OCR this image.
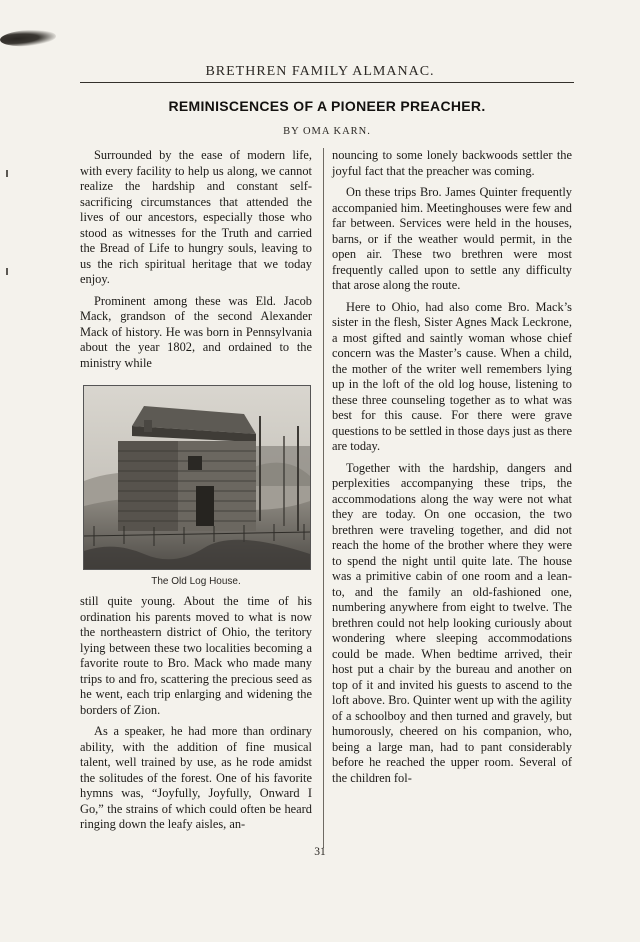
BRETHREN FAMILY ALMANAC.
REMINISCENCES OF A PIONEER PREACHER.
BY OMA KARN.

Surrounded by the ease of modern life, with every facility to help us along, we cannot realize the hardship and constant self-sacrificing circumstances that attended the lives of our ancestors, especially those who stood as witnesses for the Truth and carried the Bread of Life to hungry souls, leaving to us the rich spiritual heritage that we today enjoy.

Prominent among these was Eld. Jacob Mack, grandson of the second Alexander Mack of history. He was born in Pennsylvania about the year 1802, and ordained to the ministry while

The Old Log House.

still quite young. About the time of his ordination his parents moved to what is now the northeastern district of Ohio, the teritory lying between these two localities becoming a favorite route to Bro. Mack who made many trips to and fro, scattering the precious seed as he went, each trip enlarging and widening the borders of Zion.

As a speaker, he had more than ordinary ability, with the addition of fine musical talent, well trained by use, as he rode amidst the solitudes of the forest. One of his favorite hymns was, “Joyfully, Joyfully, Onward I Go,” the strains of which could often be heard ringing down the leafy aisles, an-

nouncing to some lonely backwoods settler the joyful fact that the preacher was coming.

On these trips Bro. James Quinter frequently accompanied him. Meetinghouses were few and far between. Services were held in the houses, barns, or if the weather would permit, in the open air. These two brethren were most frequently called upon to settle any difficulty that arose along the route.

Here to Ohio, had also come Bro. Mack’s sister in the flesh, Sister Agnes Mack Leckrone, a most gifted and saintly woman whose chief concern was the Master’s cause. When a child, the mother of the writer well remembers lying up in the loft of the old log house, listening to these three counseling together as to what was best for this cause. For there were grave questions to be settled in those days just as there are today.

Together with the hardship, dangers and perplexities accompanying these trips, the accommodations along the way were not what they are today. On one occasion, the two brethren were traveling together, and did not reach the home of the brother where they were to spend the night until quite late. The house was a primitive cabin of one room and a lean-to, and the family an old-fashioned one, numbering anywhere from eight to twelve. The brethren could not help looking curiously about wondering where sleeping accommodations could be made. When bedtime arrived, their host put a chair by the bureau and another on top of it and invited his guests to ascend to the loft above. Bro. Quinter went up with the agility of a schoolboy and then turned and gravely, but humorously, cheered on his companion, who, being a large man, had to pant considerably before he reached the upper room. Several of the children fol-

31
